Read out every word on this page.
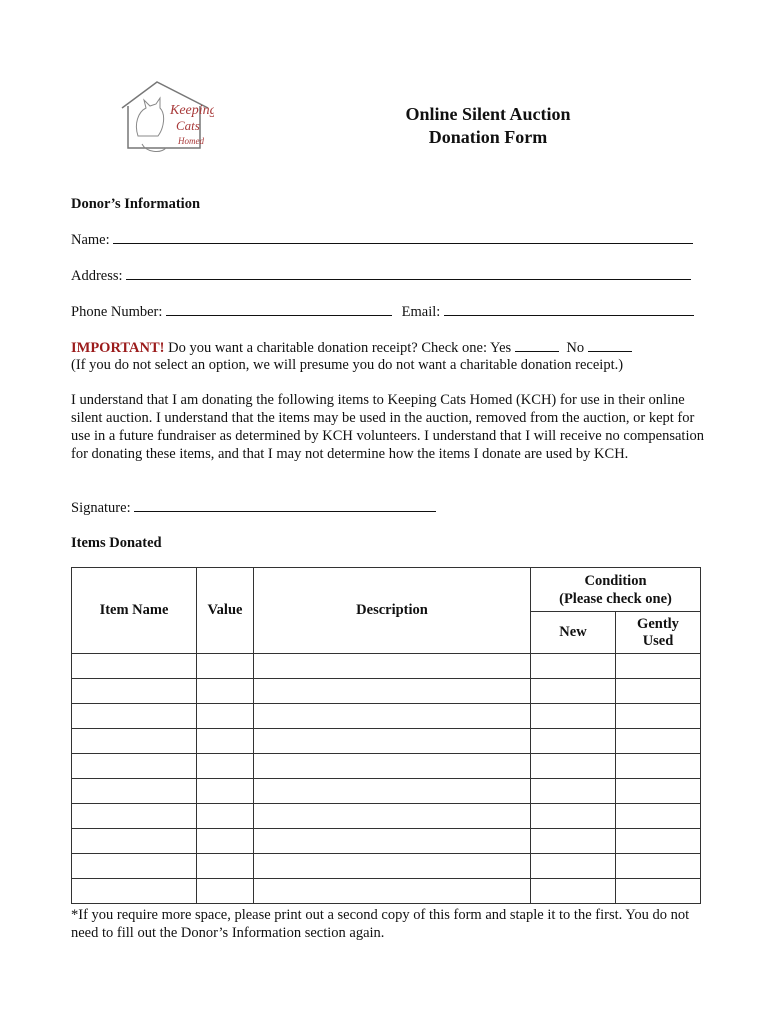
Keeping
Cats
Homed
Online Silent Auction
Donation Form
Donor’s Information
Name:
Address:
Phone Number:	Email:
IMPORTANT! Do you want a charitable donation receipt? Check one: Yes	No
(If you do not select an option, we will presume you do not want a charitable donation receipt.)
I understand that I am donating the following items to Keeping Cats Homed (KCH) for use in their online silent auction. I understand that the items may be used in the auction, removed from the auction, or kept for use in a future fundraiser as determined by KCH volunteers. I understand that I will receive no compensation for donating these items, and that I may not determine how the items I donate are used by KCH.
Signature:
Items Donated
Item Name	Value	Description	Condition
(Please check one)	

			New	Gently
Used

*If you require more space, please print out a second copy of this form and staple it to the first. You do not need to fill out the Donor’s Information section again.
